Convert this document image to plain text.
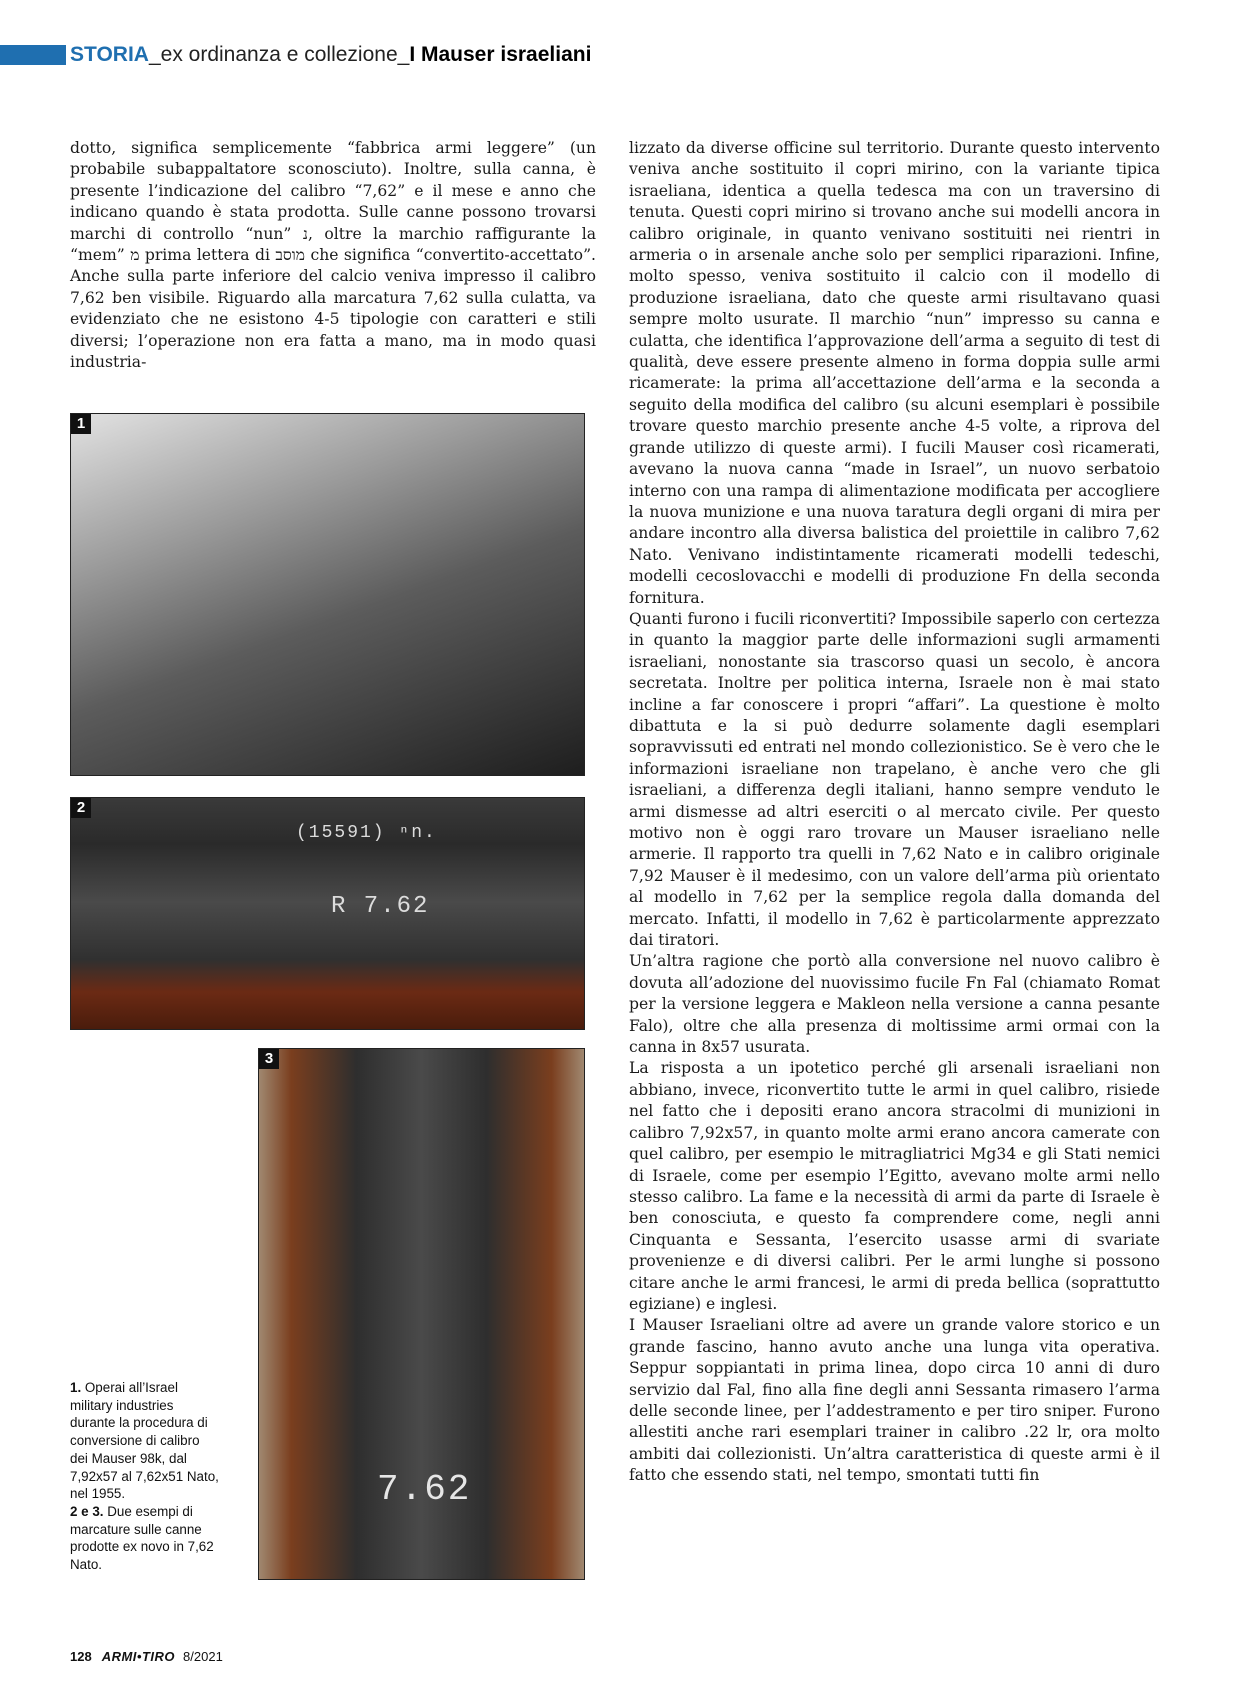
STORIA_ex ordinanza e collezione_I Mauser israeliani

dotto, significa semplicemente “fabbrica armi leggere” (un probabile subappaltatore sconosciuto). Inoltre, sulla canna, è presente l’indicazione del calibro “7,62” e il mese e anno che indicano quando è stata prodotta. Sulle canne possono trovarsi marchi di controllo “nun” נ, oltre la marchio raffigurante la “mem” מ prima lettera di מוסב che significa “convertito-accettato”. Anche sulla parte inferiore del calcio veniva impresso il calibro 7,62 ben visibile. Riguardo alla marcatura 7,62 sulla culatta, va evidenziato che ne esistono 4-5 tipologie con caratteri e stili diversi; l’operazione non era fatta a mano, ma in modo quasi industria-

1
2
(15591) ⁿn.
R 7.62
3
7.62

1. Operai all’Israel military industries durante la procedura di conversione di calibro dei Mauser 98k, dal 7,92x57 al 7,62x51 Nato, nel 1955.

2 e 3. Due esempi di marcature sulle canne prodotte ex novo in 7,62 Nato.

lizzato da diverse officine sul territorio. Durante questo intervento veniva anche sostituito il copri mirino, con la variante tipica israeliana, identica a quella tedesca ma con un traversino di tenuta. Questi copri mirino si trovano anche sui modelli ancora in calibro originale, in quanto venivano sostituiti nei rientri in armeria o in arsenale anche solo per semplici riparazioni. Infine, molto spesso, veniva sostituito il calcio con il modello di produzione israeliana, dato che queste armi risultavano quasi sempre molto usurate. Il marchio “nun” impresso su canna e culatta, che identifica l’approvazione dell’arma a seguito di test di qualità, deve essere presente almeno in forma doppia sulle armi ricamerate: la prima all’accettazione dell’arma e la seconda a seguito della modifica del calibro (su alcuni esemplari è possibile trovare questo marchio presente anche 4-5 volte, a riprova del grande utilizzo di queste armi). I fucili Mauser così ricamerati, avevano la nuova canna “made in Israel”, un nuovo serbatoio interno con una rampa di alimentazione modificata per accogliere la nuova munizione e una nuova taratura degli organi di mira per andare incontro alla diversa balistica del proiettile in calibro 7,62 Nato. Venivano indistintamente ricamerati modelli tedeschi, modelli cecoslovacchi e modelli di produzione Fn della seconda fornitura.

Quanti furono i fucili riconvertiti? Impossibile saperlo con certezza in quanto la maggior parte delle informazioni sugli armamenti israeliani, nonostante sia trascorso quasi un secolo, è ancora secretata. Inoltre per politica interna, Israele non è mai stato incline a far conoscere i propri “affari”. La questione è molto dibattuta e la si può dedurre solamente dagli esemplari sopravvissuti ed entrati nel mondo collezionistico. Se è vero che le informazioni israeliane non trapelano, è anche vero che gli israeliani, a differenza degli italiani, hanno sempre venduto le armi dismesse ad altri eserciti o al mercato civile. Per questo motivo non è oggi raro trovare un Mauser israeliano nelle armerie. Il rapporto tra quelli in 7,62 Nato e in calibro originale 7,92 Mauser è il medesimo, con un valore dell’arma più orientato al modello in 7,62 per la semplice regola dalla domanda del mercato. Infatti, il modello in 7,62 è particolarmente apprezzato dai tiratori.

Un’altra ragione che portò alla conversione nel nuovo calibro è dovuta all’adozione del nuovissimo fucile Fn Fal (chiamato Romat per la versione leggera e Makleon nella versione a canna pesante Falo), oltre che alla presenza di moltissime armi ormai con la canna in 8x57 usurata.

La risposta a un ipotetico perché gli arsenali israeliani non abbiano, invece, riconvertito tutte le armi in quel calibro, risiede nel fatto che i depositi erano ancora stracolmi di munizioni in calibro 7,92x57, in quanto molte armi erano ancora camerate con quel calibro, per esempio le mitragliatrici Mg34 e gli Stati nemici di Israele, come per esempio l’Egitto, avevano molte armi nello stesso calibro. La fame e la necessità di armi da parte di Israele è ben conosciuta, e questo fa comprendere come, negli anni Cinquanta e Sessanta, l’esercito usasse armi di svariate provenienze e di diversi calibri. Per le armi lunghe si possono citare anche le armi francesi, le armi di preda bellica (soprattutto egiziane) e inglesi.

I Mauser Israeliani oltre ad avere un grande valore storico e un grande fascino, hanno avuto anche una lunga vita operativa. Seppur soppiantati in prima linea, dopo circa 10 anni di duro servizio dal Fal, fino alla fine degli anni Sessanta rimasero l’arma delle seconde linee, per l’addestramento e per tiro sniper. Furono allestiti anche rari esemplari trainer in calibro .22 lr, ora molto ambiti dai collezionisti. Un’altra caratteristica di queste armi è il fatto che essendo stati, nel tempo, smontati tutti fin

128 ARMI•TIRO 8/2021
